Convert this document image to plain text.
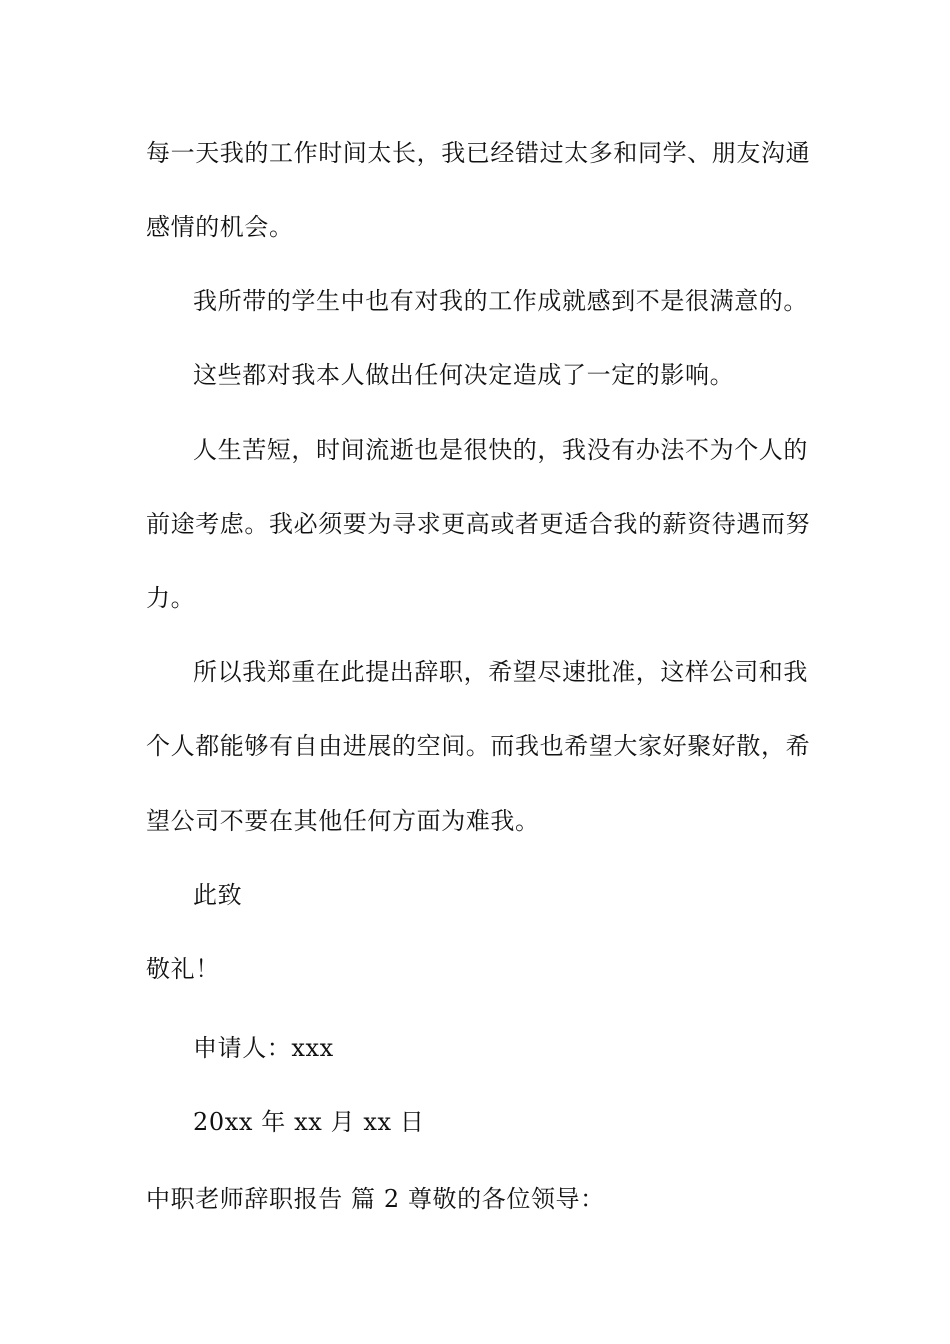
每一天我的工作时间太长，我已经错过太多和同学、朋友沟通
感情的机会。
我所带的学生中也有对我的工作成就感到不是很满意的。
这些都对我本人做出任何决定造成了一定的影响。
人生苦短，时间流逝也是很快的，我没有办法不为个人的
前途考虑。我必须要为寻求更高或者更适合我的薪资待遇而努
力。
所以我郑重在此提出辞职，希望尽速批准，这样公司和我
个人都能够有自由进展的空间。而我也希望大家好聚好散，希
望公司不要在其他任何方面为难我。
此致
敬礼！
申请人：xxx
20xx 年 xx 月 xx 日
中职老师辞职报告 篇 2 尊敬的各位领导：
